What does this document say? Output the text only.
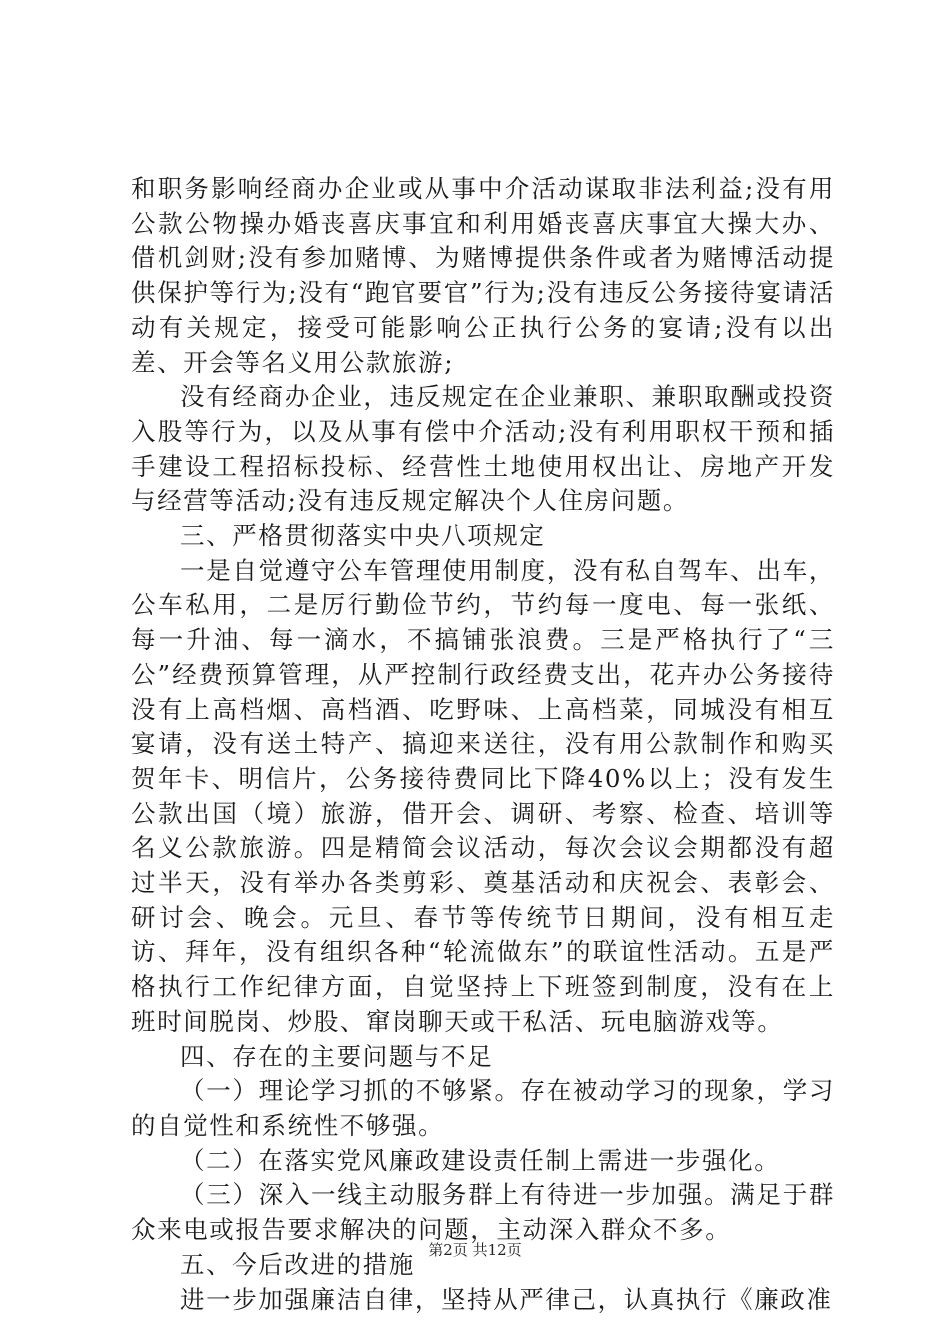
和职务影响经商办企业或从事中介活动谋取非法利益;没有用公款公物操办婚丧喜庆事宜和利用婚丧喜庆事宜大操大办、借机剑财;没有参加赌博、为赌博提供条件或者为赌博活动提供保护等行为;没有“跑官要官”行为;没有违反公务接待宴请活动有关规定，接受可能影响公正执行公务的宴请;没有以出差、开会等名义用公款旅游;

没有经商办企业，违反规定在企业兼职、兼职取酬或投资入股等行为，以及从事有偿中介活动;没有利用职权干预和插手建设工程招标投标、经营性土地使用权出让、房地产开发与经营等活动;没有违反规定解决个人住房问题。

三、严格贯彻落实中央八项规定

一是自觉遵守公车管理使用制度，没有私自驾车、出车，公车私用，二是厉行勤俭节约，节约每一度电、每一张纸、每一升油、每一滴水，不搞铺张浪费。三是严格执行了“三公”经费预算管理，从严控制行政经费支出，花卉办公务接待没有上高档烟、高档酒、吃野味、上高档菜，同城没有相互宴请，没有送土特产、搞迎来送往，没有用公款制作和购买贺年卡、明信片，公务接待费同比下降40%以上；没有发生公款出国（境）旅游，借开会、调研、考察、检查、培训等名义公款旅游。四是精简会议活动，每次会议会期都没有超过半天，没有举办各类剪彩、奠基活动和庆祝会、表彰会、研讨会、晚会。元旦、春节等传统节日期间，没有相互走访、拜年，没有组织各种“轮流做东”的联谊性活动。五是严格执行工作纪律方面，自觉坚持上下班签到制度，没有在上班时间脱岗、炒股、窜岗聊天或干私活、玩电脑游戏等。

四、存在的主要问题与不足

（一）理论学习抓的不够紧。存在被动学习的现象，学习的自觉性和系统性不够强。

（二）在落实党风廉政建设责任制上需进一步强化。

（三）深入一线主动服务群上有待进一步加强。满足于群众来电或报告要求解决的问题，主动深入群众不多。

五、今后改进的措施

进一步加强廉洁自律，坚持从严律己，认真执行《廉政准

第2页 共12页
